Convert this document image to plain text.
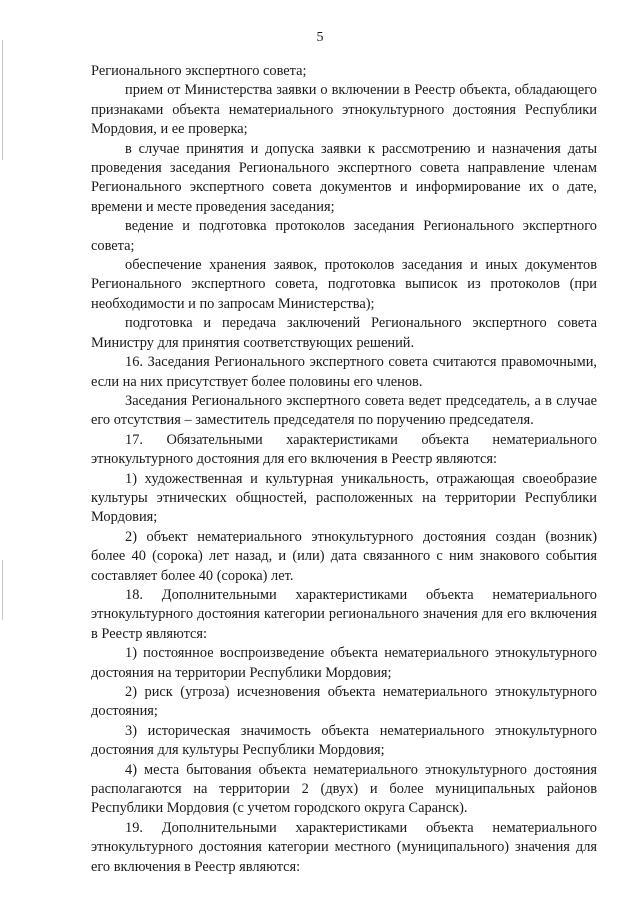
5

Регионального экспертного совета;

прием от Министерства заявки о включении в Реестр объекта, обладающего признаками объекта нематериального этнокультурного достояния Республики Мордовия, и ее проверка;

в случае принятия и допуска заявки к рассмотрению и назначения даты проведения заседания Регионального экспертного совета направление членам Регионального экспертного совета документов и информирование их о дате, времени и месте проведения заседания;

ведение и подготовка протоколов заседания Регионального экспертного совета;

обеспечение хранения заявок, протоколов заседания и иных документов Регионального экспертного совета, подготовка выписок из протоколов (при необходимости и по запросам Министерства);

подготовка и передача заключений Регионального экспертного совета Министру для принятия соответствующих решений.

16. Заседания Регионального экспертного совета считаются правомочными, если на них присутствует более половины его членов.

Заседания Регионального экспертного совета ведет председатель, а в случае его отсутствия – заместитель председателя по поручению председателя.

17. Обязательными характеристиками объекта нематериального этнокультурного достояния для его включения в Реестр являются:

1) художественная и культурная уникальность, отражающая своеобразие культуры этнических общностей, расположенных на территории Республики Мордовия;

2) объект нематериального этнокультурного достояния создан (возник) более 40 (сорока) лет назад, и (или) дата связанного с ним знакового события составляет более 40 (сорока) лет.

18. Дополнительными характеристиками объекта нематериального этнокультурного достояния категории регионального значения для его включения в Реестр являются:

1) постоянное воспроизведение объекта нематериального этнокультурного достояния на территории Республики Мордовия;

2) риск (угроза) исчезновения объекта нематериального этнокультурного достояния;

3) историческая значимость объекта нематериального этнокультурного достояния для культуры Республики Мордовия;

4) места бытования объекта нематериального этнокультурного достояния располагаются на территории 2 (двух) и более муниципальных районов Республики Мордовия (с учетом городского округа Саранск).

19. Дополнительными характеристиками объекта нематериального этнокультурного достояния категории местного (муниципального) значения для его включения в Реестр являются:
